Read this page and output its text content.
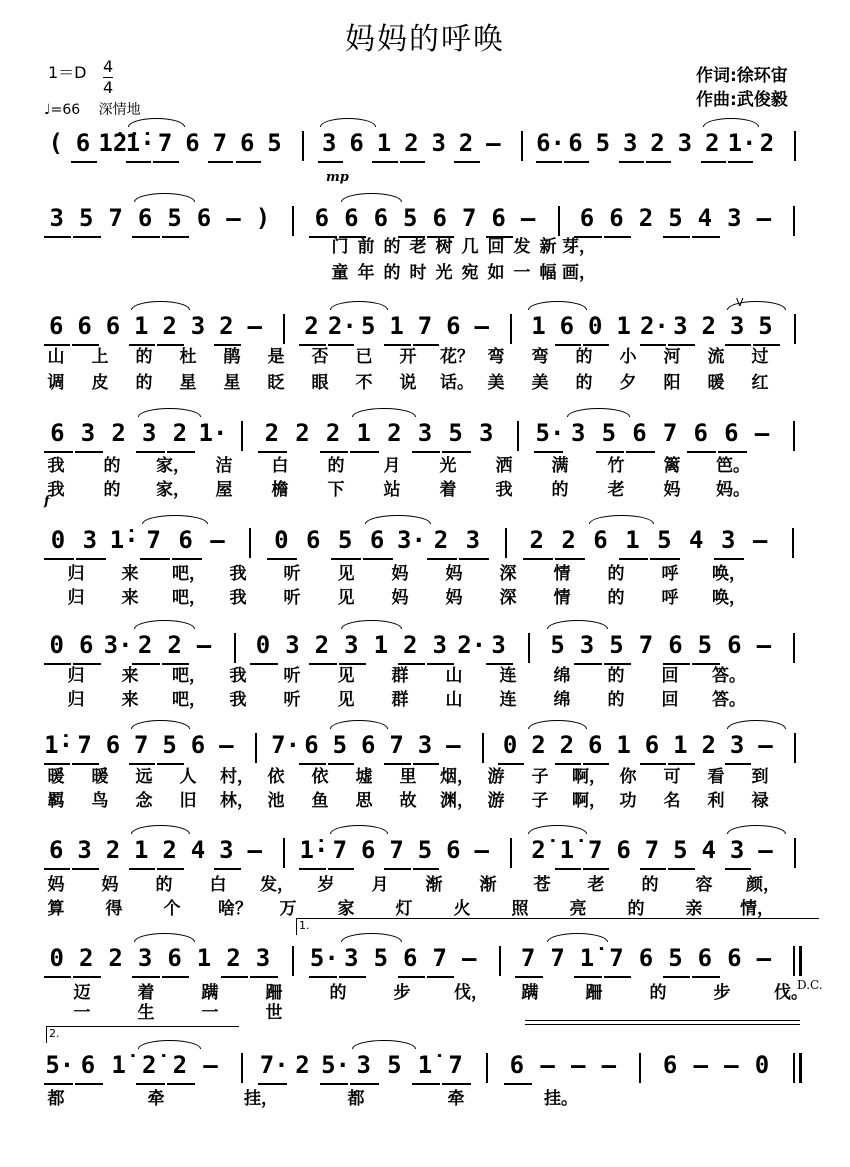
妈妈的呼唤
1＝D 4
4
♩=66 深情地
作词:徐环宙
作曲:武俊毅
mp
f
V
D.C.
1.
2.
( 6 1̇2̇
1̇· 7 6 7 6 5 3 6 1 2 3 2 — 6· 6 5 3 2 3 2 1· 2
3 5 7 6 5 6 — ) 6 6 6 5 6 7 6 — 6 6 2 5 4 3 —
6 6 6 1 2 3 2 — 2 2· 5 1 7 6 — 1 6 0 1 2· 3 2 3 5
6 3 2 3 2 1· 2 2 2 1 2 3 5 3 5· 3 5 6 7 6 6 —
0 3 1̇· 7 6 — 0 6 5 6 3· 2 3 2 2 6 1 5 4 3 —
0 6 3· 2 2 — 0 3 2 3 1 2 3 2· 3 5 3 5 7 6 5 6 —
1̇· 7 6 7 5 6 — 7· 6 5 6 7 3 — 0 2 2 6 1 6 1 2 3 —
6 3 2 1 2 4 3 — 1̇· 7 6 7 5 6 — 2̇ 1̇ 7 6 7 5 4 3 —
0 2 2 3 6 1 2 3 5· 3 5 6 7 — 7 7 1̇ 7 6 5 6 6 —
5· 6 1̇ 2̇ 2 — 7· 2 5· 3 5 1̇ 7 6 — — — 6 — — 0
门 前 的 老 树 几 回 发 新 芽，
童 年 的 时 光 宛 如 一 幅 画，
山 上 的 杜 鹃 是 否 已 开 花？ 弯 弯 的 小 河 流 过
调 皮 的 星 星 眨 眼 不 说 话。 美 美 的 夕 阳 暖 红
我 的 家， 洁 白 的 月 光 洒 满 竹 篱 笆。
我 的 家， 屋 檐 下 站 着 我 的 老 妈 妈。
归 来 吧， 我 听 见 妈 妈 深 情 的 呼 唤，
归 来 吧， 我 听 见 妈 妈 深 情 的 呼 唤，
归 来 吧， 我 听 见 群 山 连 绵 的 回 答。
归 来 吧， 我 听 见 群 山 连 绵 的 回 答。
暖 暖 远 人 村， 依 依 墟 里 烟， 游 子 啊， 你 可 看 到
羁 鸟 念 旧 林， 池 鱼 思 故 渊， 游 子 啊， 功 名 利 禄
妈 妈 的 白 发， 岁 月 渐 渐 苍 老 的 容 颜，
算 得 个 啥？ 万 家 灯 火 照 亮 的 亲 情，
迈	着	蹒	跚	的	步	伐， 蹒	跚	的	步	伐。
一	生	一	世
都	牵	挂，	都	牵	挂。
